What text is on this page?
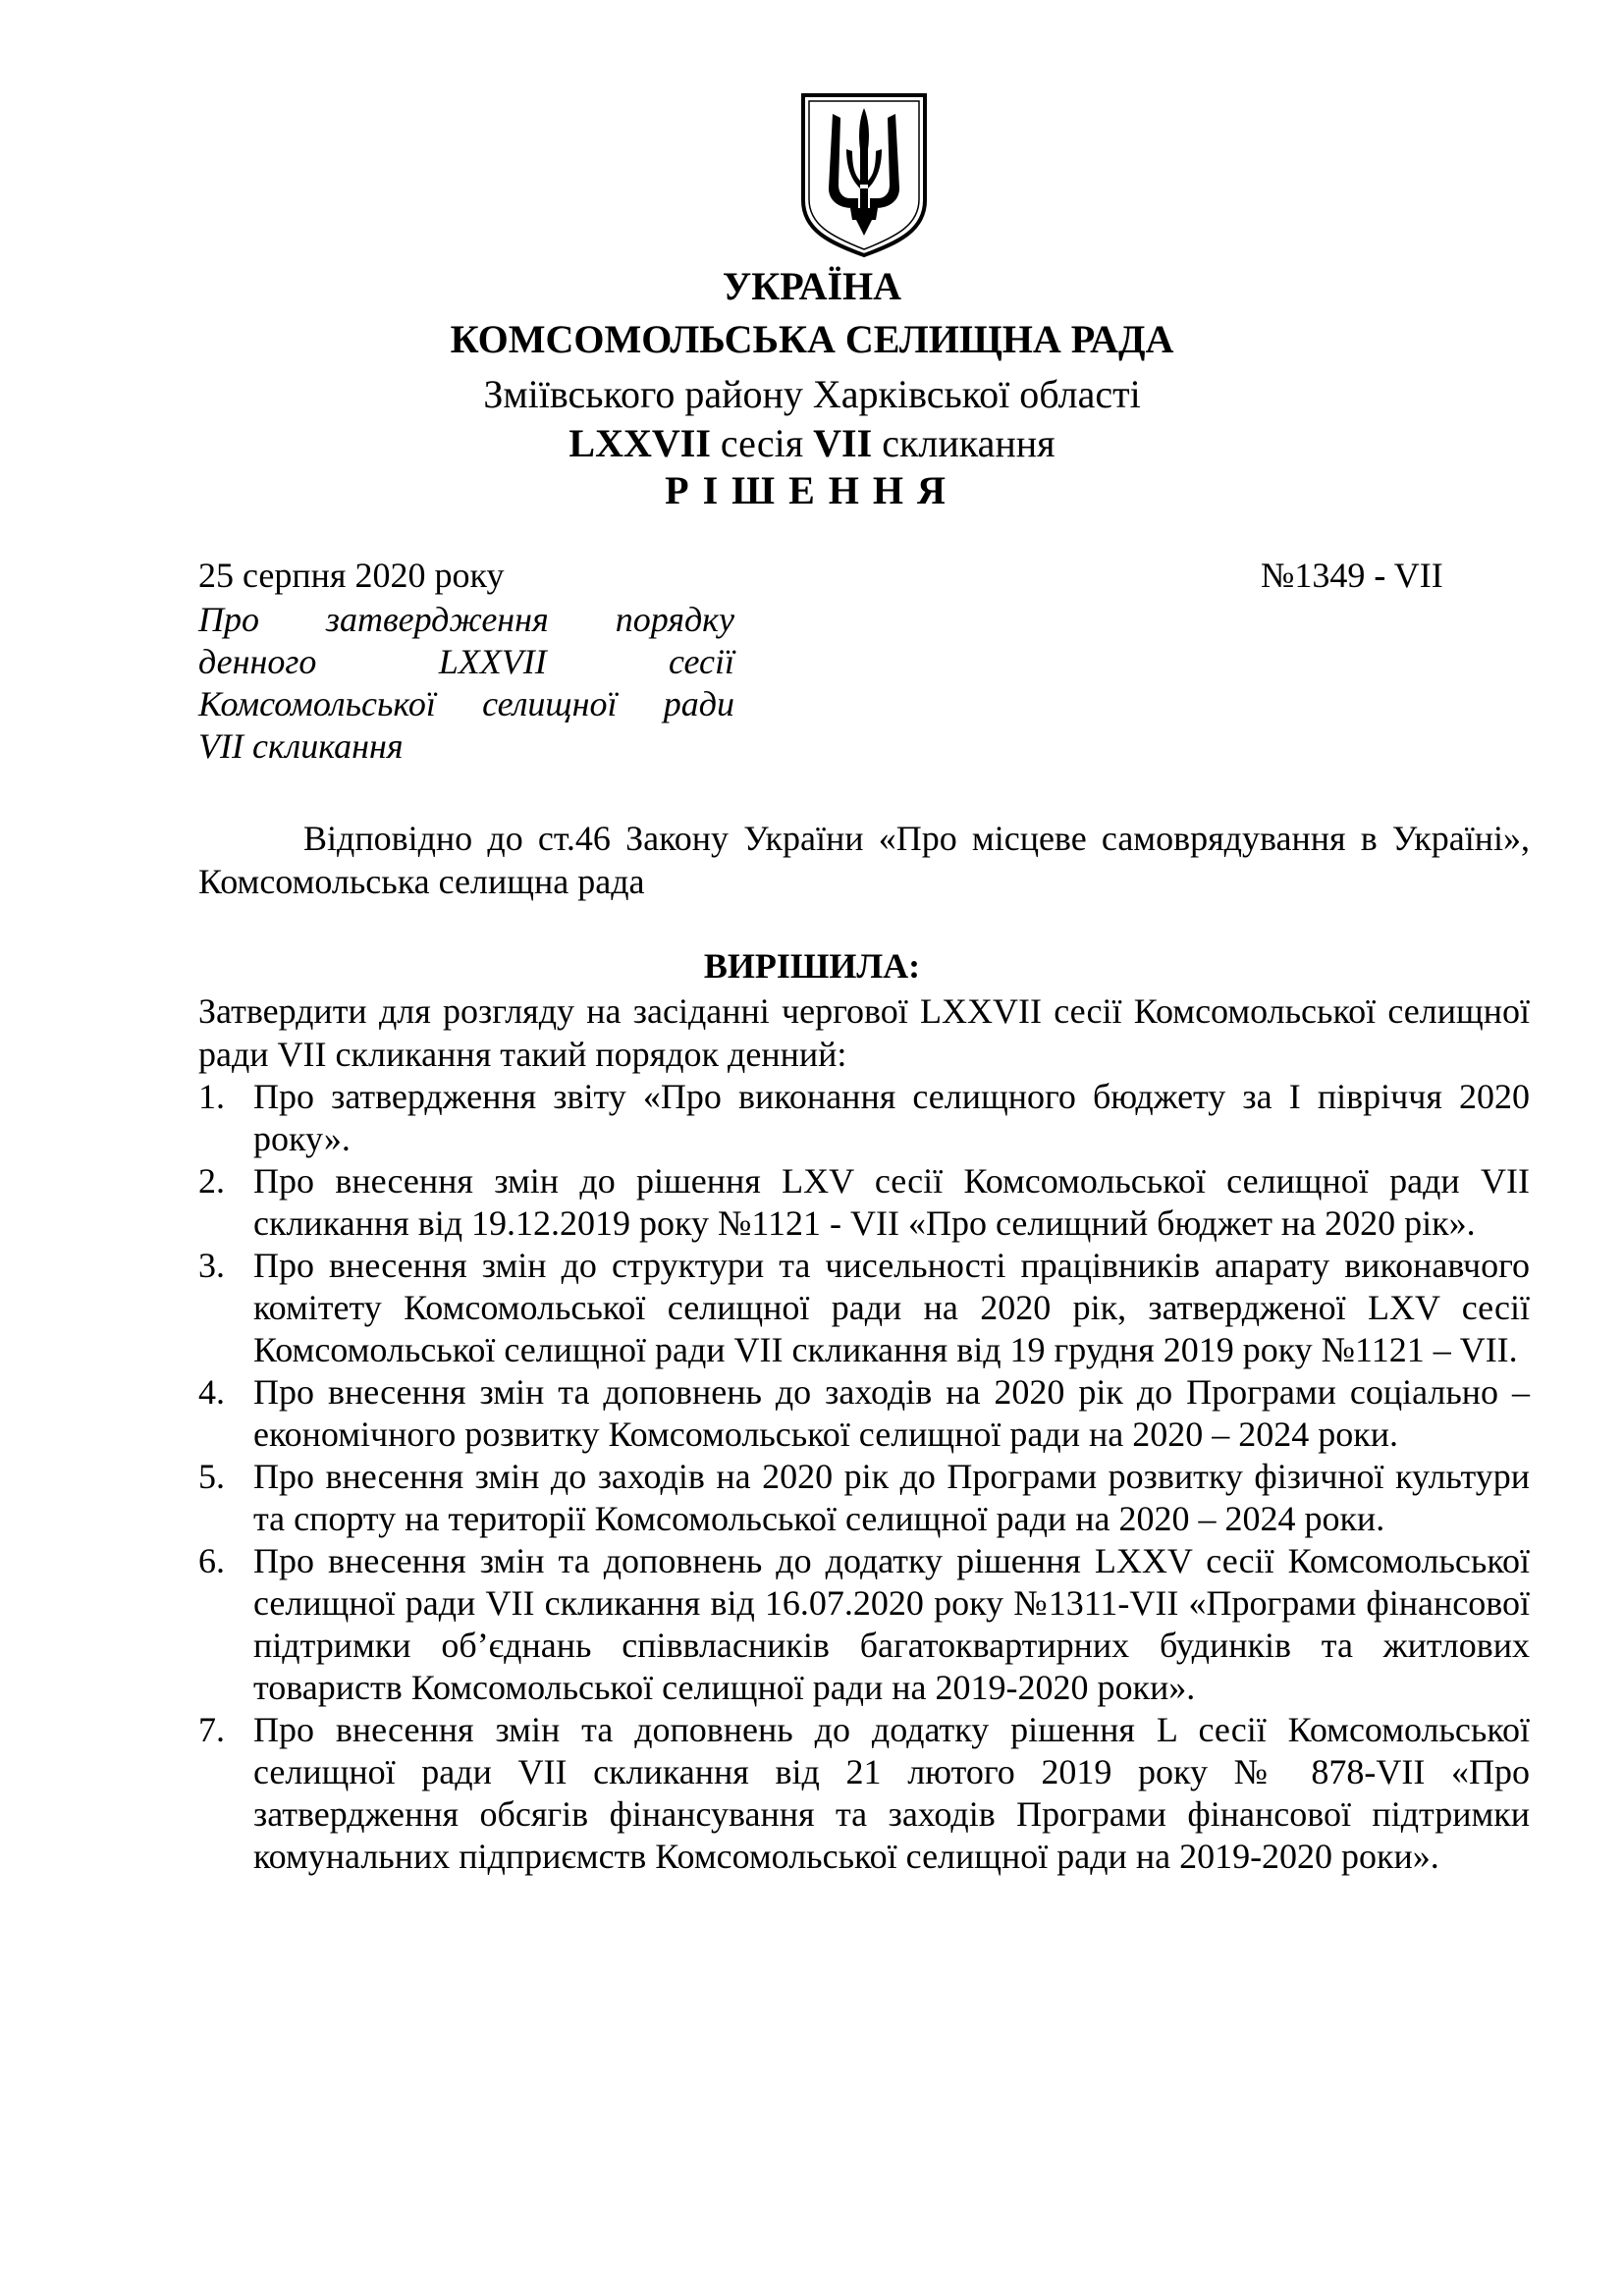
УКРАЇНА
КОМСОМОЛЬСЬКА СЕЛИЩНА РАДА
Зміївського району Харківської області
LXXVII сесія VII скликання
РІШЕННЯ
25 серпня 2020 року	№1349 - VII
Про затвердження порядку
денного LXXVII сесії
Комсомольської селищної ради
VII скликання
Відповідно до ст.46 Закону України «Про місцеве самоврядування в Україні», Комсомольська селищна рада
ВИРІШИЛА:
Затвердити для розгляду на засіданні чергової LXXVII сесії Комсомольської селищної ради VII скликання такий порядок денний:
1. Про затвердження звіту «Про виконання селищного бюджету за І півріччя 2020 року».
2. Про внесення змін до рішення LXV сесії Комсомольської селищної ради VII скликання від 19.12.2019 року №1121 - VII «Про селищний бюджет на 2020 рік».
3. Про внесення змін до структури та чисельності працівників апарату виконавчого комітету Комсомольської селищної ради на 2020 рік, затвердженої LXV сесії Комсомольської селищної ради VII скликання від 19 грудня 2019 року №1121 – VII.
4. Про внесення змін та доповнень до заходів на 2020 рік до Програми соціально – економічного розвитку Комсомольської селищної ради на 2020 – 2024 роки.
5. Про внесення змін до заходів на 2020 рік до Програми розвитку фізичної культури та спорту на території Комсомольської селищної ради на 2020 – 2024 роки.
6. Про внесення змін та доповнень до додатку рішення LXXV сесії Комсомольської селищної ради VII скликання від 16.07.2020 року №1311-VII «Програми фінансової підтримки об’єднань співвласників багатоквартирних будинків та житлових товариств Комсомольської селищної ради на 2019-2020 роки».
7. Про внесення змін та доповнень до додатку рішення L сесії Комсомольської селищної ради VII скликання від 21 лютого 2019 року № 878-VII «Про затвердження обсягів фінансування та заходів Програми фінансової підтримки комунальних підприємств Комсомольської селищної ради на 2019-2020 роки».
